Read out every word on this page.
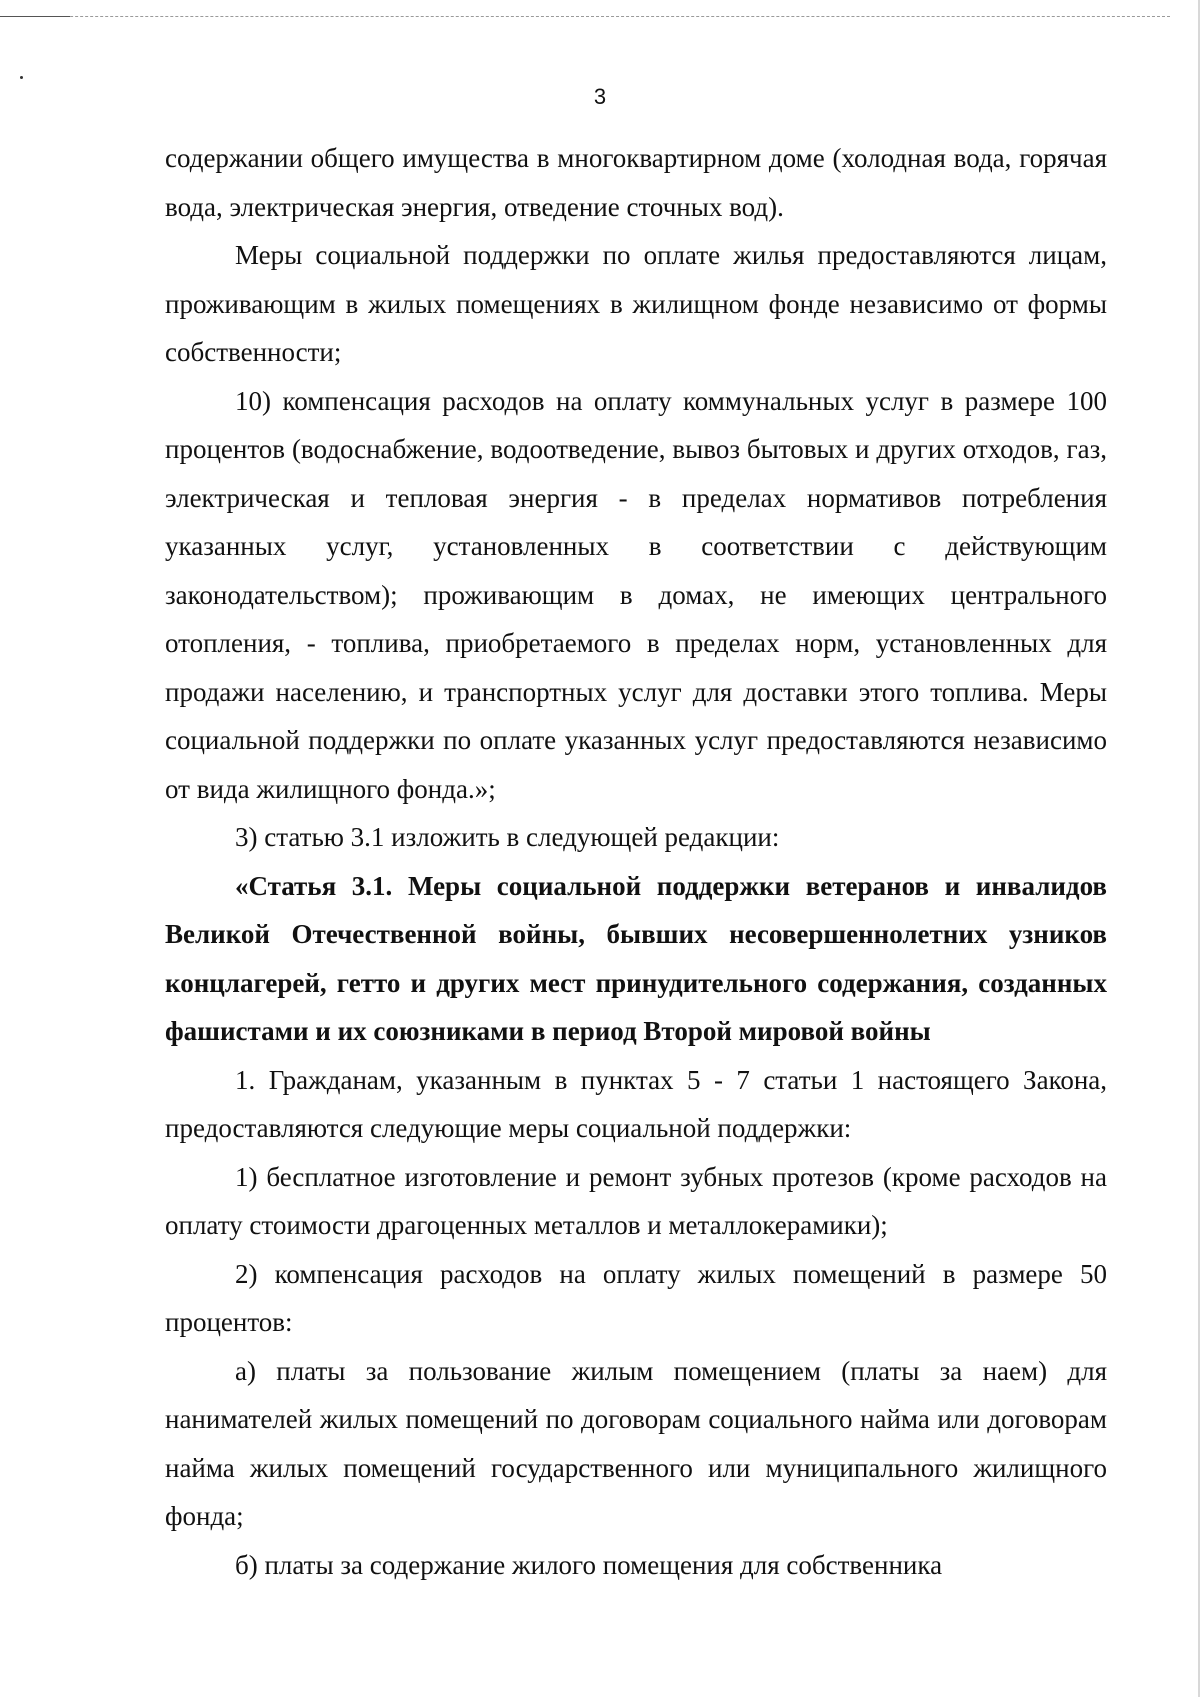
3

содержании общего имущества в многоквартирном доме (холодная вода, горячая вода, электрическая энергия, отведение сточных вод).

Меры социальной поддержки по оплате жилья предоставляются лицам, проживающим в жилых помещениях в жилищном фонде независимо от формы собственности;

10) компенсация расходов на оплату коммунальных услуг в размере 100 процентов (водоснабжение, водоотведение, вывоз бытовых и других отходов, газ, электрическая и тепловая энергия - в пределах нормативов потребления указанных услуг, установленных в соответствии с действующим законодательством); проживающим в домах, не имеющих центрального отопления, - топлива, приобретаемого в пределах норм, установленных для продажи населению, и транспортных услуг для доставки этого топлива. Меры социальной поддержки по оплате указанных услуг предоставляются независимо от вида жилищного фонда.»;

3) статью 3.1 изложить в следующей редакции:

«Статья 3.1. Меры социальной поддержки ветеранов и инвалидов Великой Отечественной войны, бывших несовершеннолетних узников концлагерей, гетто и других мест принудительного содержания, созданных фашистами и их союзниками в период Второй мировой войны

1. Гражданам, указанным в пунктах 5 - 7 статьи 1 настоящего Закона, предоставляются следующие меры социальной поддержки:

1) бесплатное изготовление и ремонт зубных протезов (кроме расходов на оплату стоимости драгоценных металлов и металлокерамики);

2) компенсация расходов на оплату жилых помещений в размере 50 процентов:

а) платы за пользование жилым помещением (платы за наем) для нанимателей жилых помещений по договорам социального найма или договорам найма жилых помещений государственного или муниципального жилищного фонда;

б) платы за содержание жилого помещения для собственника
